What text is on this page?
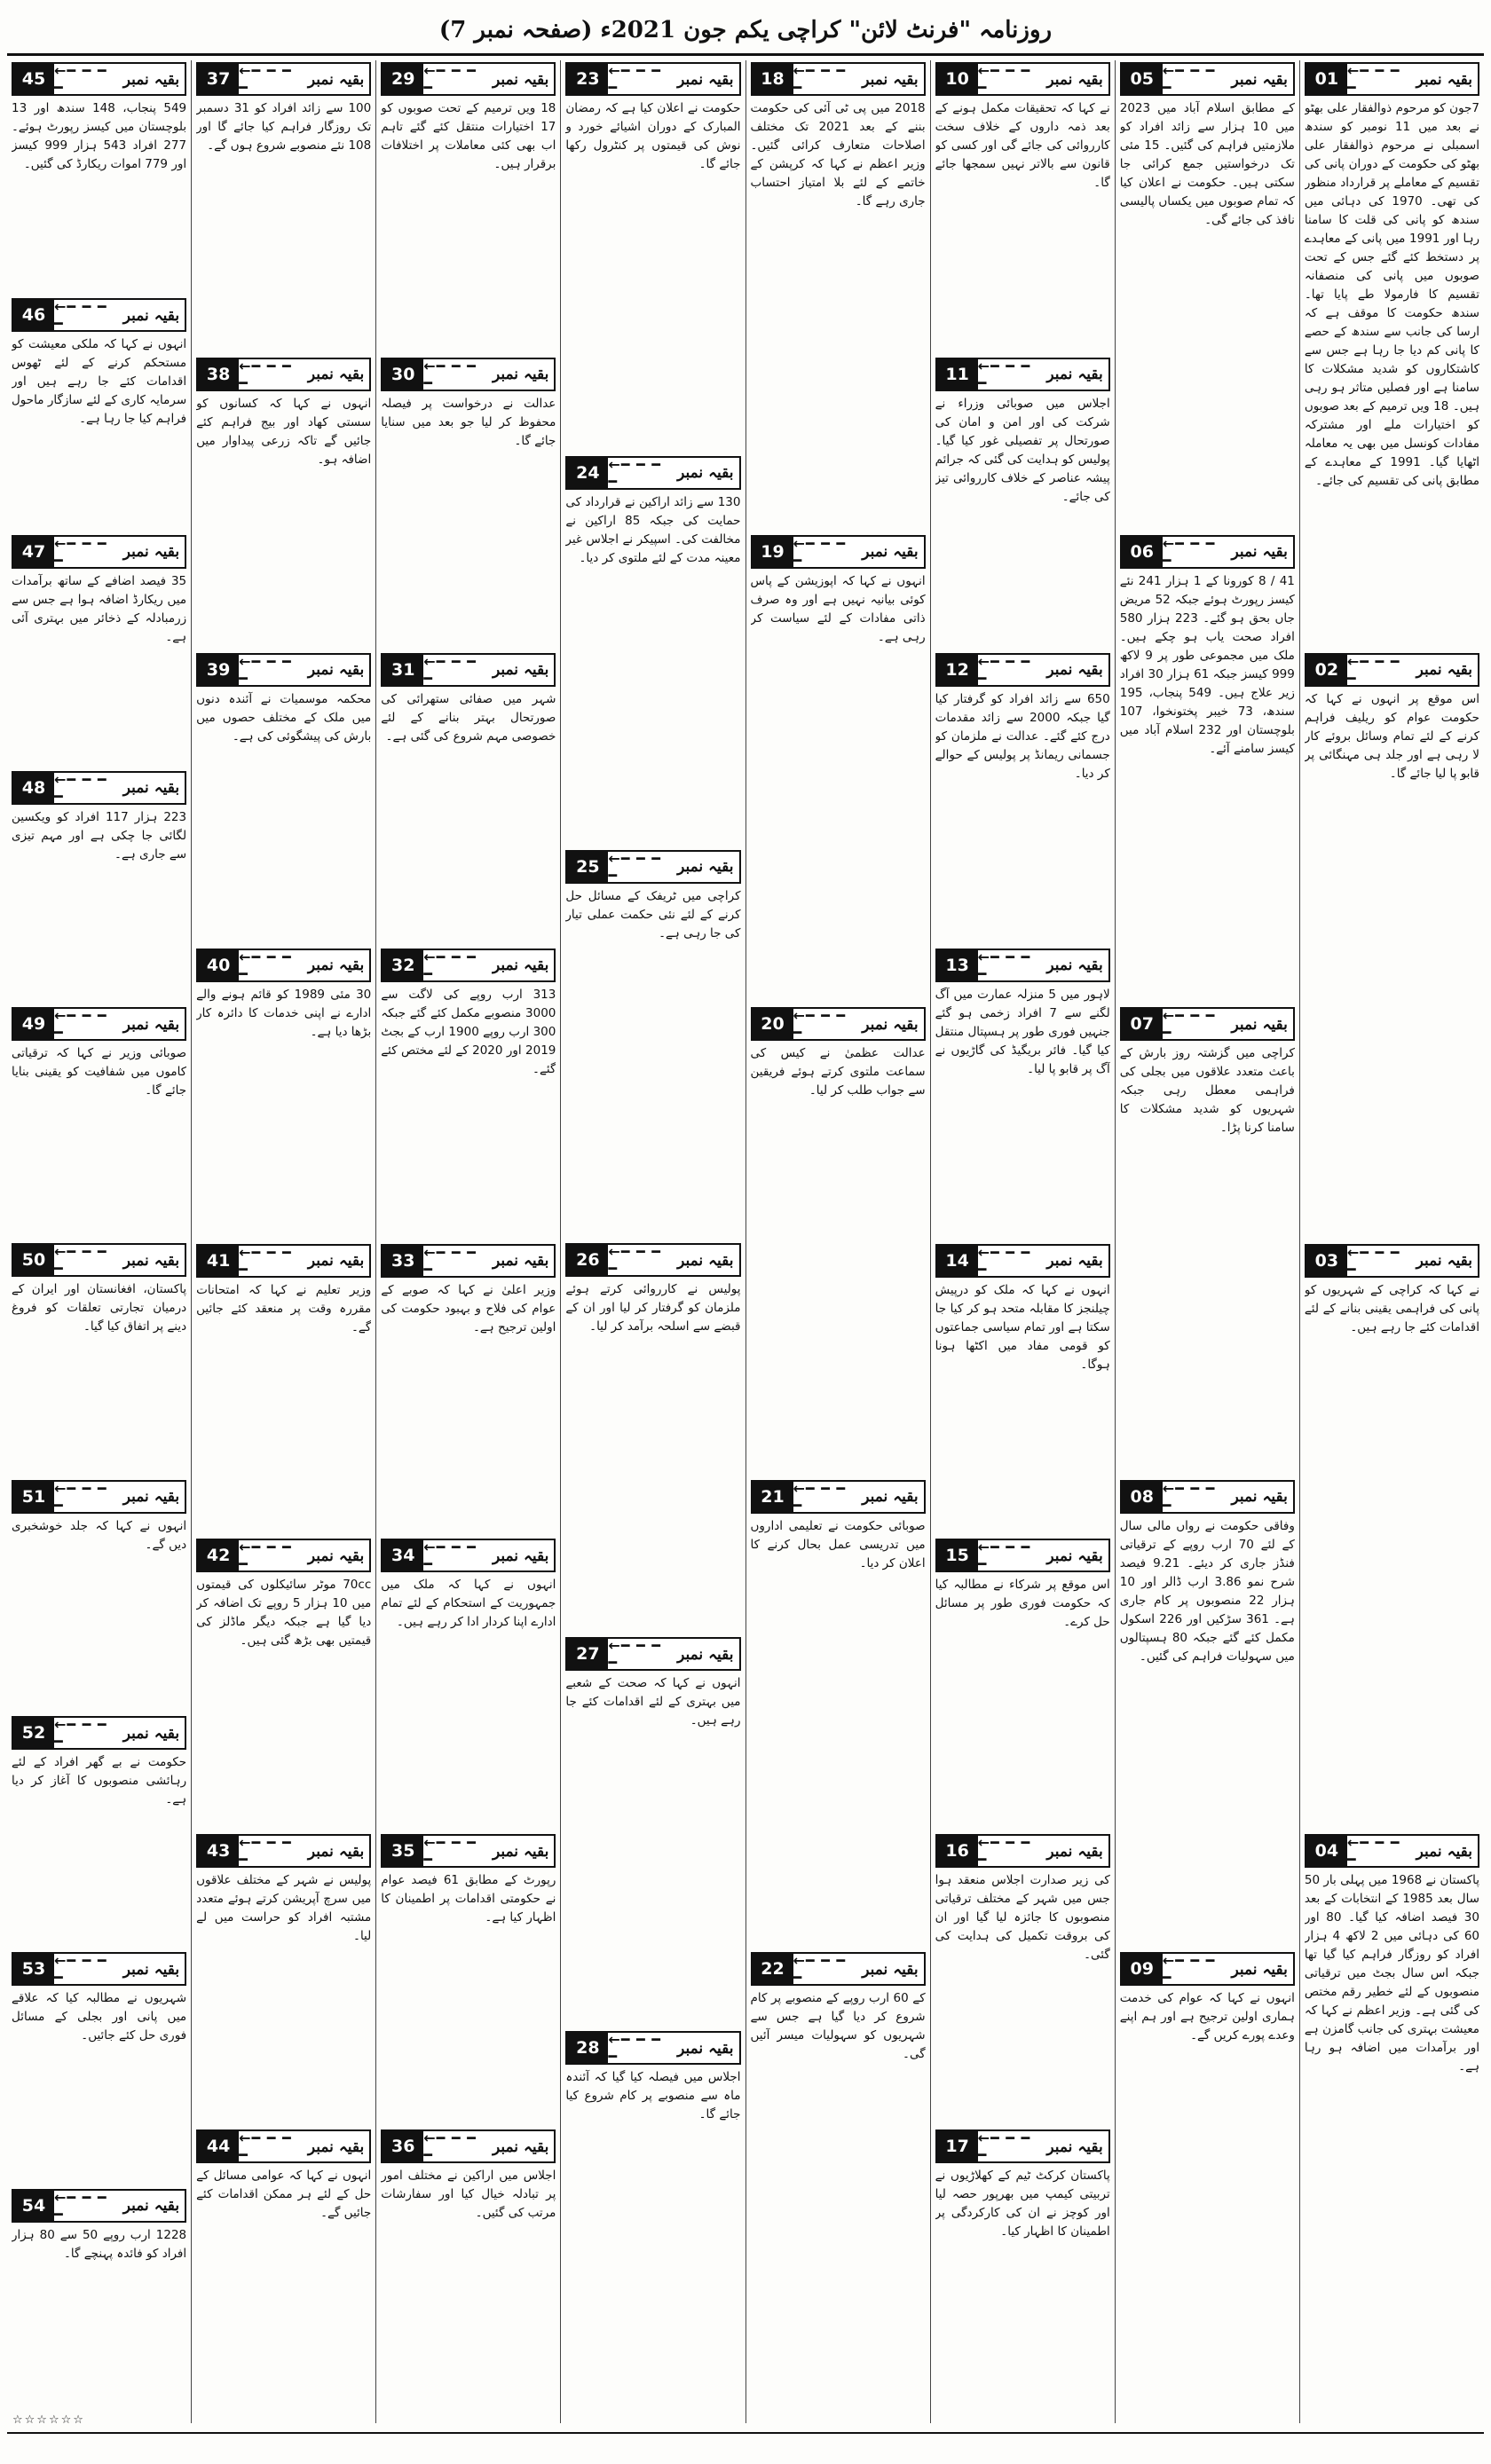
روزنامہ "فرنٹ لائن" کراچی یکم جون 2021ء (صفحہ نمبر 7)
01 ←━ ━ ━ ━	بقیہ نمبر
7جون کو مرحوم ذوالفقار علی بھٹو نے بعد میں 11 نومبر کو سندھ اسمبلی نے مرحوم ذوالفقار علی بھٹو کی حکومت کے دوران پانی کی تقسیم کے معاملے پر قرارداد منظور کی تھی۔ 1970 کی دہائی میں سندھ کو پانی کی قلت کا سامنا رہا اور 1991 میں پانی کے معاہدے پر دستخط کئے گئے جس کے تحت صوبوں میں پانی کی منصفانہ تقسیم کا فارمولا طے پایا تھا۔ سندھ حکومت کا موقف ہے کہ ارسا کی جانب سے سندھ کے حصے کا پانی کم دیا جا رہا ہے جس سے کاشتکاروں کو شدید مشکلات کا سامنا ہے اور فصلیں متاثر ہو رہی ہیں۔ 18 ویں ترمیم کے بعد صوبوں کو اختیارات ملے اور مشترکہ مفادات کونسل میں بھی یہ معاملہ اٹھایا گیا۔ 1991 کے معاہدے کے مطابق پانی کی تقسیم کی جائے۔
02 ←━ ━ ━ ━	بقیہ نمبر
اس موقع پر انہوں نے کہا کہ حکومت عوام کو ریلیف فراہم کرنے کے لئے تمام وسائل بروئے کار لا رہی ہے اور جلد ہی مہنگائی پر قابو پا لیا جائے گا۔
03 ←━ ━ ━ ━	بقیہ نمبر
نے کہا کہ کراچی کے شہریوں کو پانی کی فراہمی یقینی بنانے کے لئے اقدامات کئے جا رہے ہیں۔
04 ←━ ━ ━ ━	بقیہ نمبر
پاکستان نے 1968 میں پہلی بار 50 سال بعد 1985 کے انتخابات کے بعد 30 فیصد اضافہ کیا گیا۔ 80 اور 60 کی دہائی میں 2 لاکھ 4 ہزار افراد کو روزگار فراہم کیا گیا تھا جبکہ اس سال بجٹ میں ترقیاتی منصوبوں کے لئے خطیر رقم مختص کی گئی ہے۔ وزیر اعظم نے کہا کہ معیشت بہتری کی جانب گامزن ہے اور برآمدات میں اضافہ ہو رہا ہے۔
05 ←━ ━ ━ ━	بقیہ نمبر
کے مطابق اسلام آباد میں 2023 میں 10 ہزار سے زائد افراد کو ملازمتیں فراہم کی گئیں۔ 15 مئی تک درخواستیں جمع کرائی جا سکتی ہیں۔ حکومت نے اعلان کیا کہ تمام صوبوں میں یکساں پالیسی نافذ کی جائے گی۔
06 ←━ ━ ━ ━	بقیہ نمبر
41 / 8 کورونا کے 1 ہزار 241 نئے کیسز رپورٹ ہوئے جبکہ 52 مریض جاں بحق ہو گئے۔ 223 ہزار 580 افراد صحت یاب ہو چکے ہیں۔ ملک میں مجموعی طور پر 9 لاکھ 999 کیسز جبکہ 61 ہزار 30 افراد زیر علاج ہیں۔ 549 پنجاب، 195 سندھ، 73 خیبر پختونخوا، 107 بلوچستان اور 232 اسلام آباد میں کیسز سامنے آئے۔
07 ←━ ━ ━ ━	بقیہ نمبر
کراچی میں گزشتہ روز بارش کے باعث متعدد علاقوں میں بجلی کی فراہمی معطل رہی جبکہ شہریوں کو شدید مشکلات کا سامنا کرنا پڑا۔
08 ←━ ━ ━ ━	بقیہ نمبر
وفاقی حکومت نے رواں مالی سال کے لئے 70 ارب روپے کے ترقیاتی فنڈز جاری کر دیئے۔ 9.21 فیصد شرح نمو 3.86 ارب ڈالر اور 10 ہزار 22 منصوبوں پر کام جاری ہے۔ 361 سڑکیں اور 226 اسکول مکمل کئے گئے جبکہ 80 ہسپتالوں میں سہولیات فراہم کی گئیں۔
09 ←━ ━ ━ ━	بقیہ نمبر
انہوں نے کہا کہ عوام کی خدمت ہماری اولین ترجیح ہے اور ہم اپنے وعدے پورے کریں گے۔
10 ←━ ━ ━ ━	بقیہ نمبر
نے کہا کہ تحقیقات مکمل ہونے کے بعد ذمہ داروں کے خلاف سخت کارروائی کی جائے گی اور کسی کو قانون سے بالاتر نہیں سمجھا جائے گا۔
11 ←━ ━ ━ ━	بقیہ نمبر
اجلاس میں صوبائی وزراء نے شرکت کی اور امن و امان کی صورتحال پر تفصیلی غور کیا گیا۔ پولیس کو ہدایت کی گئی کہ جرائم پیشہ عناصر کے خلاف کارروائی تیز کی جائے۔
12 ←━ ━ ━ ━	بقیہ نمبر
650 سے زائد افراد کو گرفتار کیا گیا جبکہ 2000 سے زائد مقدمات درج کئے گئے۔ عدالت نے ملزمان کو جسمانی ریمانڈ پر پولیس کے حوالے کر دیا۔
13 ←━ ━ ━ ━	بقیہ نمبر
لاہور میں 5 منزلہ عمارت میں آگ لگنے سے 7 افراد زخمی ہو گئے جنہیں فوری طور پر ہسپتال منتقل کیا گیا۔ فائر بریگیڈ کی گاڑیوں نے آگ پر قابو پا لیا۔
14 ←━ ━ ━ ━	بقیہ نمبر
انہوں نے کہا کہ ملک کو درپیش چیلنجز کا مقابلہ متحد ہو کر کیا جا سکتا ہے اور تمام سیاسی جماعتوں کو قومی مفاد میں اکٹھا ہونا ہوگا۔
15 ←━ ━ ━ ━	بقیہ نمبر
اس موقع پر شرکاء نے مطالبہ کیا کہ حکومت فوری طور پر مسائل حل کرے۔
16 ←━ ━ ━ ━	بقیہ نمبر
کی زیر صدارت اجلاس منعقد ہوا جس میں شہر کے مختلف ترقیاتی منصوبوں کا جائزہ لیا گیا اور ان کی بروقت تکمیل کی ہدایت کی گئی۔
17 ←━ ━ ━ ━	بقیہ نمبر
پاکستان کرکٹ ٹیم کے کھلاڑیوں نے تربیتی کیمپ میں بھرپور حصہ لیا اور کوچز نے ان کی کارکردگی پر اطمینان کا اظہار کیا۔
18 ←━ ━ ━ ━	بقیہ نمبر
2018 میں پی ٹی آئی کی حکومت بننے کے بعد 2021 تک مختلف اصلاحات متعارف کرائی گئیں۔ وزیر اعظم نے کہا کہ کرپشن کے خاتمے کے لئے بلا امتیاز احتساب جاری رہے گا۔
19 ←━ ━ ━ ━	بقیہ نمبر
انہوں نے کہا کہ اپوزیشن کے پاس کوئی بیانیہ نہیں ہے اور وہ صرف ذاتی مفادات کے لئے سیاست کر رہی ہے۔
20 ←━ ━ ━ ━	بقیہ نمبر
عدالت عظمیٰ نے کیس کی سماعت ملتوی کرتے ہوئے فریقین سے جواب طلب کر لیا۔
21 ←━ ━ ━ ━	بقیہ نمبر
صوبائی حکومت نے تعلیمی اداروں میں تدریسی عمل بحال کرنے کا اعلان کر دیا۔
22 ←━ ━ ━ ━	بقیہ نمبر
کے 60 ارب روپے کے منصوبے پر کام شروع کر دیا گیا ہے جس سے شہریوں کو سہولیات میسر آئیں گی۔
23 ←━ ━ ━ ━	بقیہ نمبر
حکومت نے اعلان کیا ہے کہ رمضان المبارک کے دوران اشیائے خورد و نوش کی قیمتوں پر کنٹرول رکھا جائے گا۔
24 ←━ ━ ━ ━	بقیہ نمبر
130 سے زائد اراکین نے قرارداد کی حمایت کی جبکہ 85 اراکین نے مخالفت کی۔ اسپیکر نے اجلاس غیر معینہ مدت کے لئے ملتوی کر دیا۔
25 ←━ ━ ━ ━	بقیہ نمبر
کراچی میں ٹریفک کے مسائل حل کرنے کے لئے نئی حکمت عملی تیار کی جا رہی ہے۔
26 ←━ ━ ━ ━	بقیہ نمبر
پولیس نے کارروائی کرتے ہوئے ملزمان کو گرفتار کر لیا اور ان کے قبضے سے اسلحہ برآمد کر لیا۔
27 ←━ ━ ━ ━	بقیہ نمبر
انہوں نے کہا کہ صحت کے شعبے میں بہتری کے لئے اقدامات کئے جا رہے ہیں۔
28 ←━ ━ ━ ━	بقیہ نمبر
اجلاس میں فیصلہ کیا گیا کہ آئندہ ماہ سے منصوبے پر کام شروع کیا جائے گا۔
29 ←━ ━ ━ ━	بقیہ نمبر
18 ویں ترمیم کے تحت صوبوں کو 17 اختیارات منتقل کئے گئے تاہم اب بھی کئی معاملات پر اختلافات برقرار ہیں۔
30 ←━ ━ ━ ━	بقیہ نمبر
عدالت نے درخواست پر فیصلہ محفوظ کر لیا جو بعد میں سنایا جائے گا۔
31 ←━ ━ ━ ━	بقیہ نمبر
شہر میں صفائی ستھرائی کی صورتحال بہتر بنانے کے لئے خصوصی مہم شروع کی گئی ہے۔
32 ←━ ━ ━ ━	بقیہ نمبر
313 ارب روپے کی لاگت سے 3000 منصوبے مکمل کئے گئے جبکہ 300 ارب روپے 1900 ارب کے بجٹ 2019 اور 2020 کے لئے مختص کئے گئے۔
33 ←━ ━ ━ ━	بقیہ نمبر
وزیر اعلیٰ نے کہا کہ صوبے کے عوام کی فلاح و بہبود حکومت کی اولین ترجیح ہے۔
34 ←━ ━ ━ ━	بقیہ نمبر
انہوں نے کہا کہ ملک میں جمہوریت کے استحکام کے لئے تمام ادارے اپنا کردار ادا کر رہے ہیں۔
35 ←━ ━ ━ ━	بقیہ نمبر
رپورٹ کے مطابق 61 فیصد عوام نے حکومتی اقدامات پر اطمینان کا اظہار کیا ہے۔
36 ←━ ━ ━ ━	بقیہ نمبر
اجلاس میں اراکین نے مختلف امور پر تبادلہ خیال کیا اور سفارشات مرتب کی گئیں۔
37 ←━ ━ ━ ━	بقیہ نمبر
100 سے زائد افراد کو 31 دسمبر تک روزگار فراہم کیا جائے گا اور 108 نئے منصوبے شروع ہوں گے۔
38 ←━ ━ ━ ━	بقیہ نمبر
انہوں نے کہا کہ کسانوں کو سستی کھاد اور بیج فراہم کئے جائیں گے تاکہ زرعی پیداوار میں اضافہ ہو۔
39 ←━ ━ ━ ━	بقیہ نمبر
محکمہ موسمیات نے آئندہ دنوں میں ملک کے مختلف حصوں میں بارش کی پیشگوئی کی ہے۔
40 ←━ ━ ━ ━	بقیہ نمبر
30 مئی 1989 کو قائم ہونے والے ادارے نے اپنی خدمات کا دائرہ کار بڑھا دیا ہے۔
41 ←━ ━ ━ ━	بقیہ نمبر
وزیر تعلیم نے کہا کہ امتحانات مقررہ وقت پر منعقد کئے جائیں گے۔
42 ←━ ━ ━ ━	بقیہ نمبر
70cc موٹر سائیکلوں کی قیمتوں میں 10 ہزار 5 روپے تک اضافہ کر دیا گیا ہے جبکہ دیگر ماڈلز کی قیمتیں بھی بڑھ گئی ہیں۔
43 ←━ ━ ━ ━	بقیہ نمبر
پولیس نے شہر کے مختلف علاقوں میں سرچ آپریشن کرتے ہوئے متعدد مشتبہ افراد کو حراست میں لے لیا۔
44 ←━ ━ ━ ━	بقیہ نمبر
انہوں نے کہا کہ عوامی مسائل کے حل کے لئے ہر ممکن اقدامات کئے جائیں گے۔
45 ←━ ━ ━ ━	بقیہ نمبر
549 پنجاب، 148 سندھ اور 13 بلوچستان میں کیسز رپورٹ ہوئے۔ 277 افراد 543 ہزار 999 کیسز اور 779 اموات ریکارڈ کی گئیں۔
46 ←━ ━ ━ ━	بقیہ نمبر
انہوں نے کہا کہ ملکی معیشت کو مستحکم کرنے کے لئے ٹھوس اقدامات کئے جا رہے ہیں اور سرمایہ کاری کے لئے سازگار ماحول فراہم کیا جا رہا ہے۔
47 ←━ ━ ━ ━	بقیہ نمبر
35 فیصد اضافے کے ساتھ برآمدات میں ریکارڈ اضافہ ہوا ہے جس سے زرمبادلہ کے ذخائر میں بہتری آئی ہے۔
48 ←━ ━ ━ ━	بقیہ نمبر
223 ہزار 117 افراد کو ویکسین لگائی جا چکی ہے اور مہم تیزی سے جاری ہے۔
49 ←━ ━ ━ ━	بقیہ نمبر
صوبائی وزیر نے کہا کہ ترقیاتی کاموں میں شفافیت کو یقینی بنایا جائے گا۔
50 ←━ ━ ━ ━	بقیہ نمبر
پاکستان، افغانستان اور ایران کے درمیان تجارتی تعلقات کو فروغ دینے پر اتفاق کیا گیا۔
51 ←━ ━ ━ ━	بقیہ نمبر
انہوں نے کہا کہ جلد خوشخبری دیں گے۔
52 ←━ ━ ━ ━	بقیہ نمبر
حکومت نے بے گھر افراد کے لئے رہائشی منصوبوں کا آغاز کر دیا ہے۔
53 ←━ ━ ━ ━	بقیہ نمبر
شہریوں نے مطالبہ کیا کہ علاقے میں پانی اور بجلی کے مسائل فوری حل کئے جائیں۔
54 ←━ ━ ━ ━	بقیہ نمبر
1228 ارب روپے 50 سے 80 ہزار افراد کو فائدہ پہنچے گا۔
☆☆☆☆☆☆
